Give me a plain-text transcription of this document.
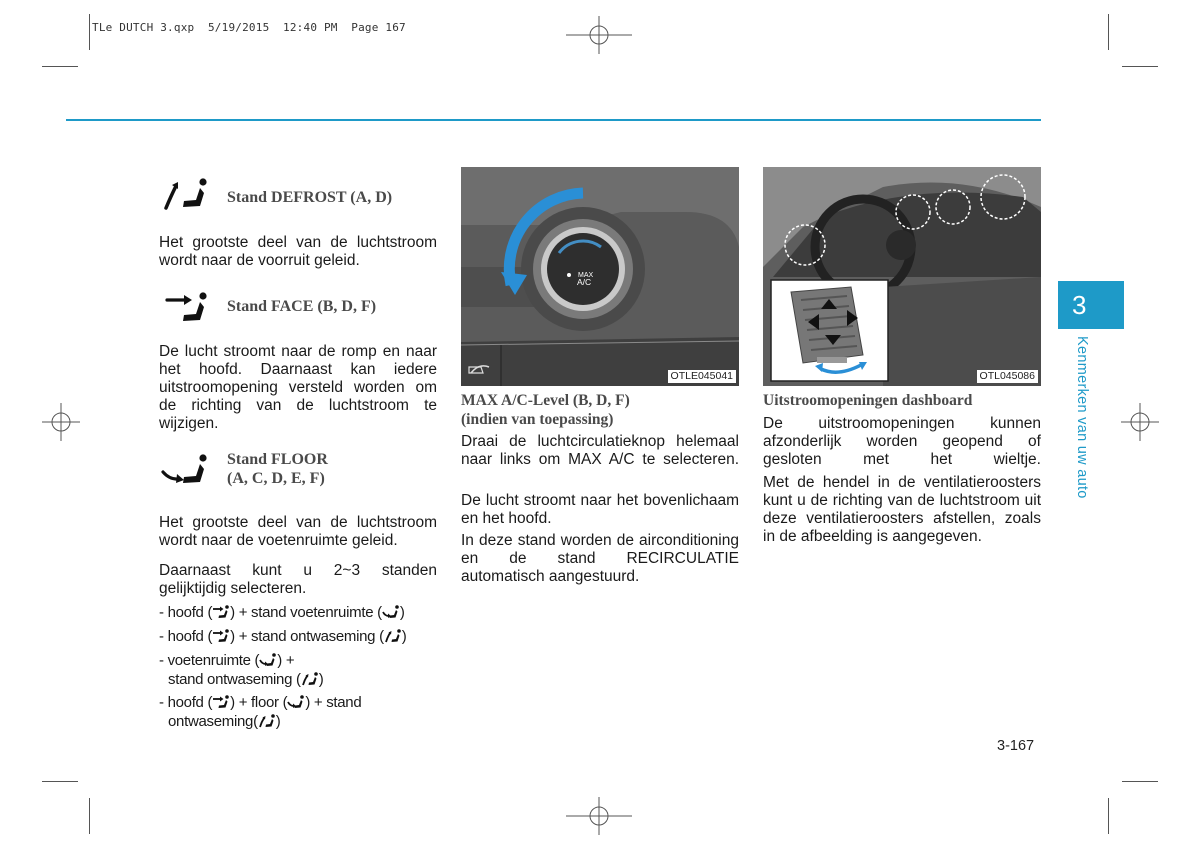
TLe DUTCH 3.qxp  5/19/2015  12:40 PM  Page 167
Stand DEFROST (A, D)
Het grootste deel van de luchtstroom wordt naar de voorruit geleid.
Stand FACE (B, D, F)
De lucht stroomt naar de romp en naar het hoofd. Daarnaast kan iedere uitstroomopening versteld worden om de richting van de luchtstroom te wijzigen.
Stand FLOOR
(A, C, D, E, F)
Het grootste deel van de luchtstroom wordt naar de voetenruimte geleid.
Daarnaast kunt u 2~3 standen gelijktijdig selecteren.
- hoofd ( ) + stand voetenruimte ( )
- hoofd ( ) + stand ontwaseming ( )
- voetenruimte ( ) +
stand ontwaseming ( )
- hoofd ( ) + floor ( ) + stand
ontwaseming( )
MAX
A/C
OTLE045041
MAX A/C-Level (B, D, F)
(indien van toepassing)
Draai de luchtcirculatieknop helemaal naar links om MAX A/C te selecteren.
De lucht stroomt naar het bovenlichaam en het hoofd.
In deze stand worden de airconditioning en de stand RECIRCULATIE automatisch aangestuurd.
OTL045086
Uitstroomopeningen dashboard
De uitstroomopeningen kunnen afzonderlijk worden geopend of gesloten met het wieltje.
Met de hendel in de ventilatieroosters kunt u de richting van de luchtstroom uit deze ventilatieroosters afstellen, zoals in de afbeelding is aangegeven.
3
Kenmerken van uw auto
3-167
